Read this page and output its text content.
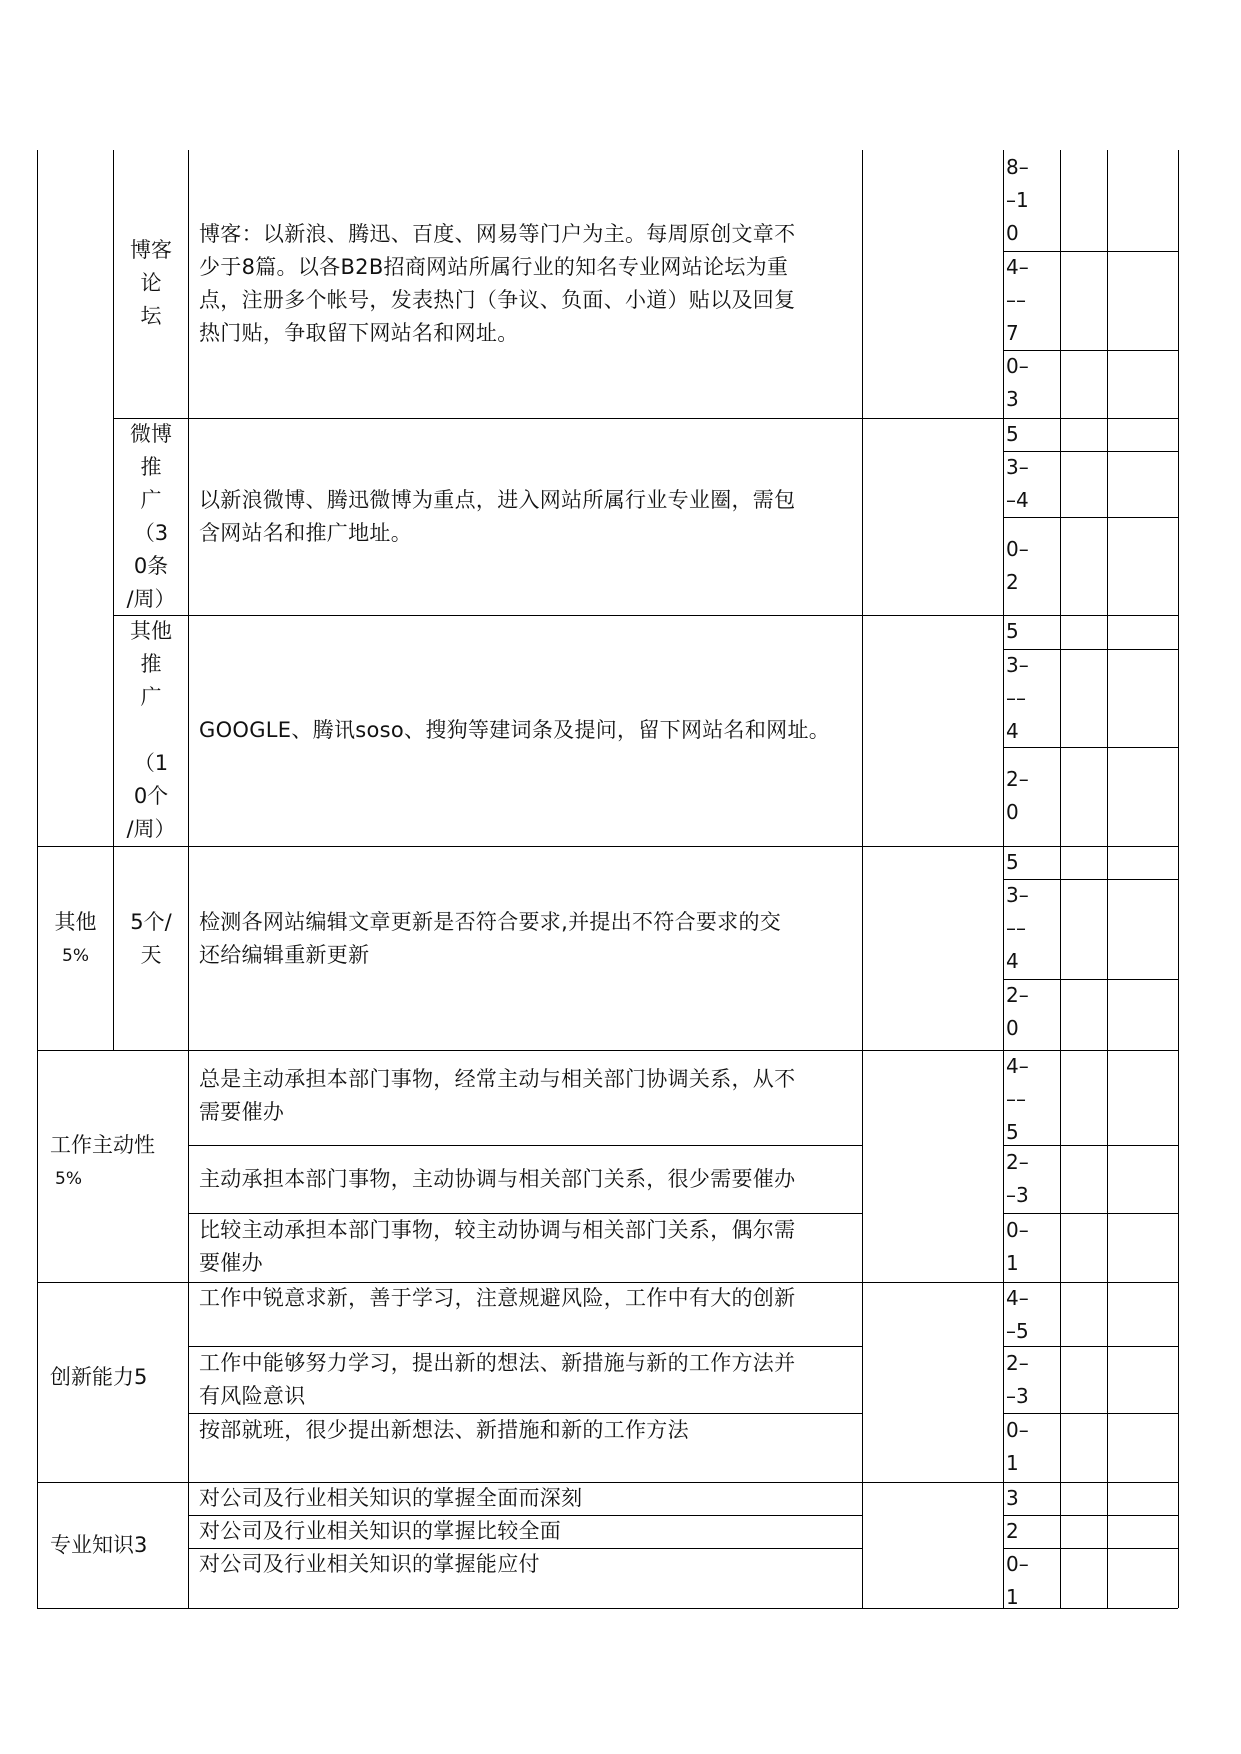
博客
论
坛
博客：以新浪、腾迅、百度、网易等门户为主。每周原创文章不
少于8篇。以各B2B招商网站所属行业的知名专业网站论坛为重
点，注册多个帐号，发表热门（争议、负面、小道）贴以及回复
热门贴，争取留下网站名和网址。
8–
–1
0
4–
––
7
0–
3
微博
推
广
（3
0条
/周）
以新浪微博、腾迅微博为重点，进入网站所属行业专业圈，需包
含网站名和推广地址。
5
3–
–4
0–
2
其他
推
广

（1
0个
/周）
GOOGLE、腾讯soso、搜狗等建词条及提问，留下网站名和网址。
5
3–
––
4
2–
0
其他
5%
5个/
天
检测各网站编辑文章更新是否符合要求,并提出不符合要求的交
还给编辑重新更新
5
3–
––
4
2–
0
工作主动性
5%
总是主动承担本部门事物，经常主动与相关部门协调关系，从不
需要催办
主动承担本部门事物，主动协调与相关部门关系，很少需要催办
比较主动承担本部门事物，较主动协调与相关部门关系，偶尔需
要催办
4–
––
5
2–
–3
0–
1
创新能力5
工作中锐意求新，善于学习，注意规避风险，工作中有大的创新
工作中能够努力学习，提出新的想法、新措施与新的工作方法并
有风险意识
按部就班，很少提出新想法、新措施和新的工作方法
4–
–5
2–
–3
0–
1
专业知识3
对公司及行业相关知识的掌握全面而深刻
对公司及行业相关知识的掌握比较全面
对公司及行业相关知识的掌握能应付
3
2
0–
1
